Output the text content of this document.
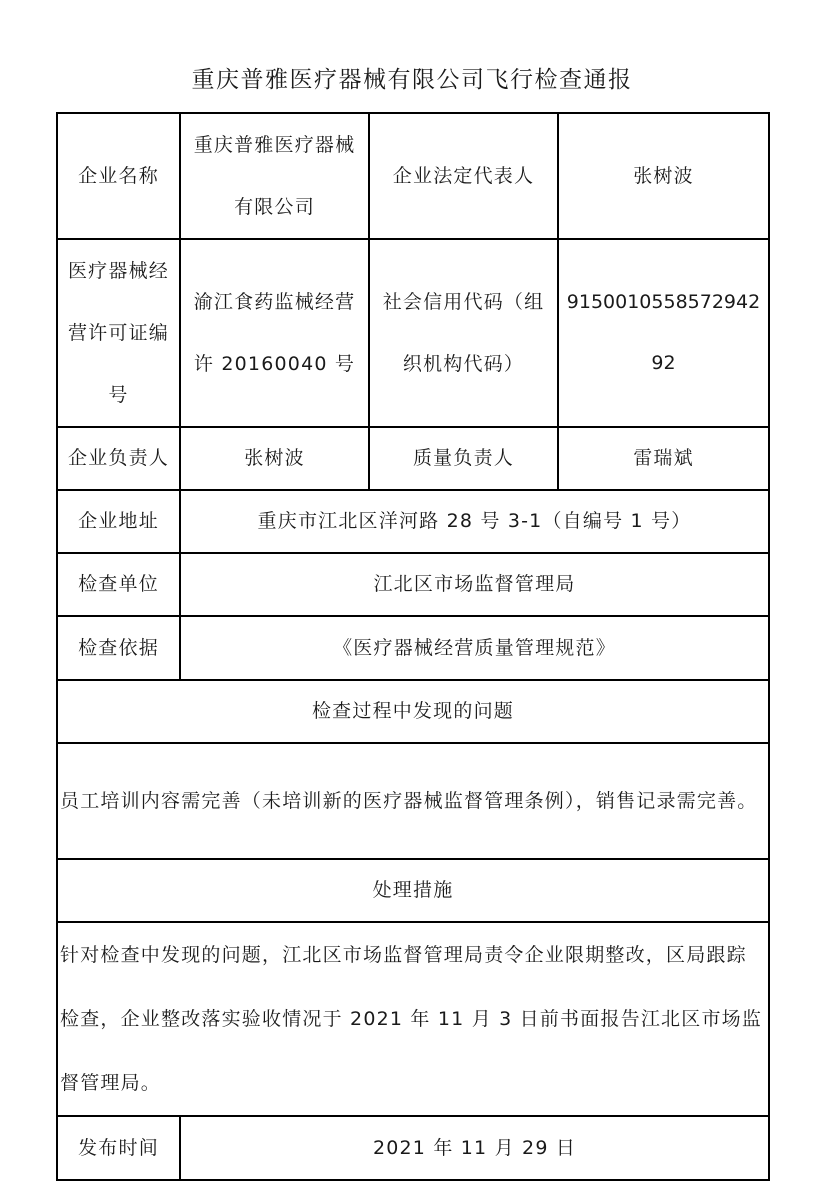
重庆普雅医疗器械有限公司飞行检查通报
企业名称	重庆普雅医疗器械有限公司	企业法定代表人	张树波
医疗器械经营许可证编号	渝江食药监械经营许 20160040 号	社会信用代码（组织机构代码）	915001055857294292
企业负责人	张树波	质量负责人	雷瑞斌
企业地址	重庆市江北区洋河路 28 号 3-1（自编号 1 号）		
检查单位	江北区市场监督管理局		
检查依据	《医疗器械经营质量管理规范》		
检查过程中发现的问题			
员工培训内容需完善（未培训新的医疗器械监督管理条例），销售记录需完善。			
处理措施			
针对检查中发现的问题，江北区市场监督管理局责令企业限期整改，区局跟踪检查，企业整改落实验收情况于 2021 年 11 月 3 日前书面报告江北区市场监督管理局。			
发布时间	2021 年 11 月 29 日		
